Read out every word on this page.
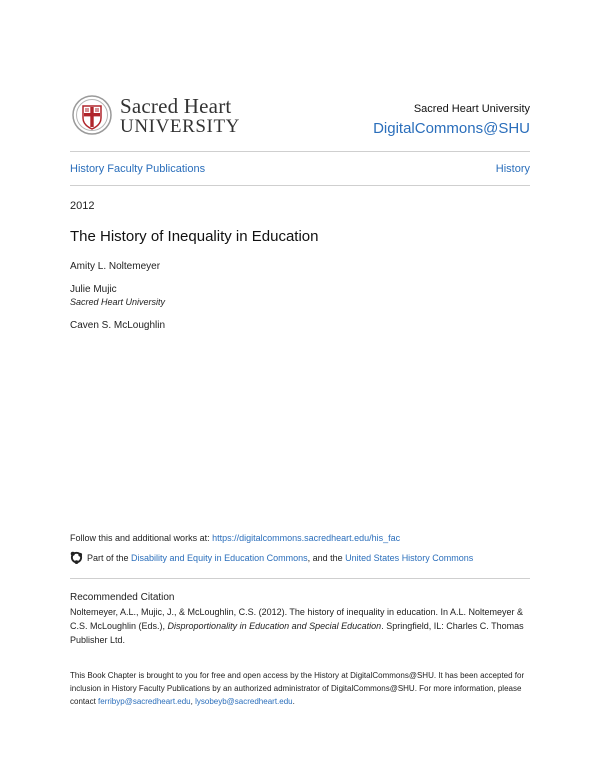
Sacred Heart
UNIVERSITY
Sacred Heart University
DigitalCommons@SHU
History Faculty Publications	History
2012
The History of Inequality in Education
Amity L. Noltemeyer
Julie Mujic
Sacred Heart University
Caven S. McLoughlin
Follow this and additional works at: https://digitalcommons.sacredheart.edu/his_fac
Part of the Disability and Equity in Education Commons, and the United States History Commons
Recommended Citation
Noltemeyer, A.L., Mujic, J., & McLoughlin, C.S. (2012). The history of inequality in education. In A.L. Noltemeyer & C.S. McLoughlin (Eds.), Disproportionality in Education and Special Education. Springfield, IL: Charles C. Thomas Publisher Ltd.
This Book Chapter is brought to you for free and open access by the History at DigitalCommons@SHU. It has been accepted for inclusion in History Faculty Publications by an authorized administrator of DigitalCommons@SHU. For more information, please contact ferribyp@sacredheart.edu, lysobeyb@sacredheart.edu.
